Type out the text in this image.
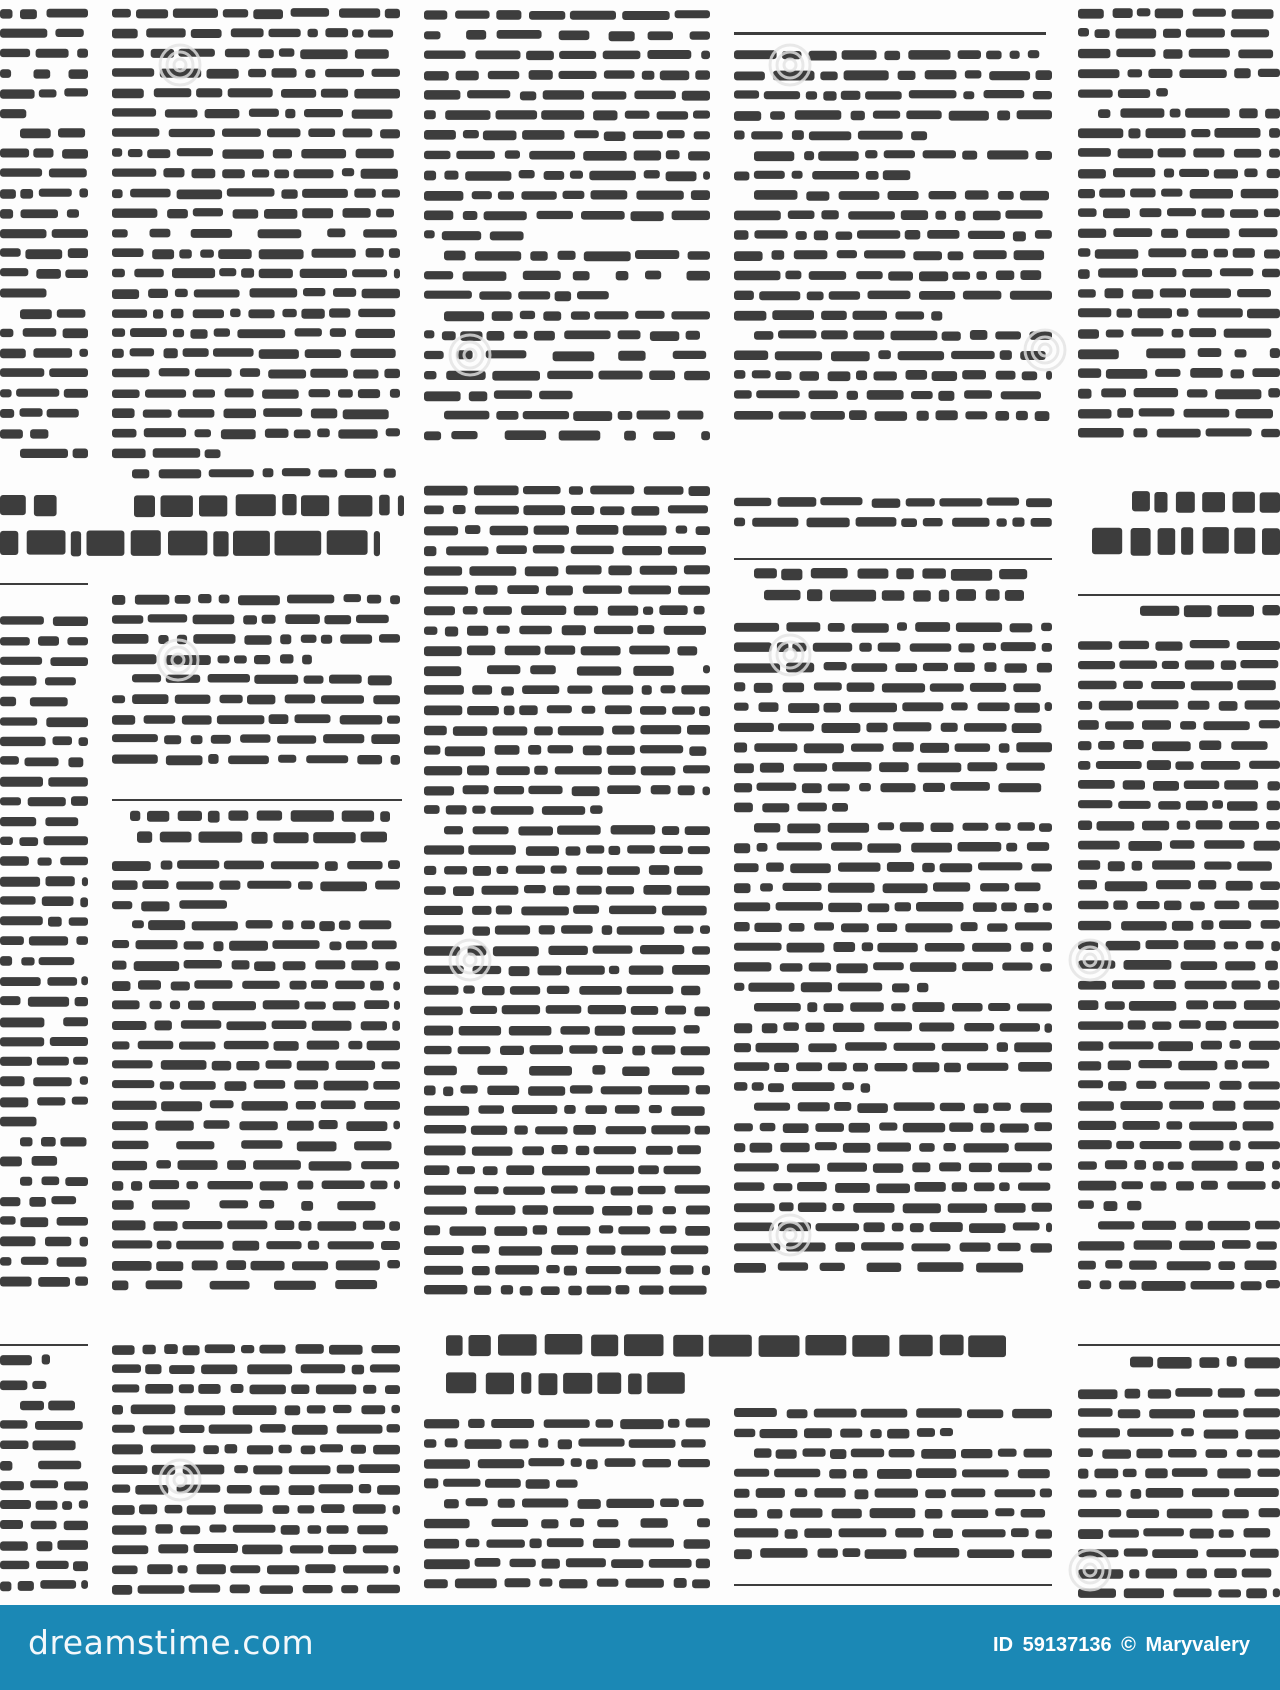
dreamstime.com	ID 59137136 © Maryvalery
